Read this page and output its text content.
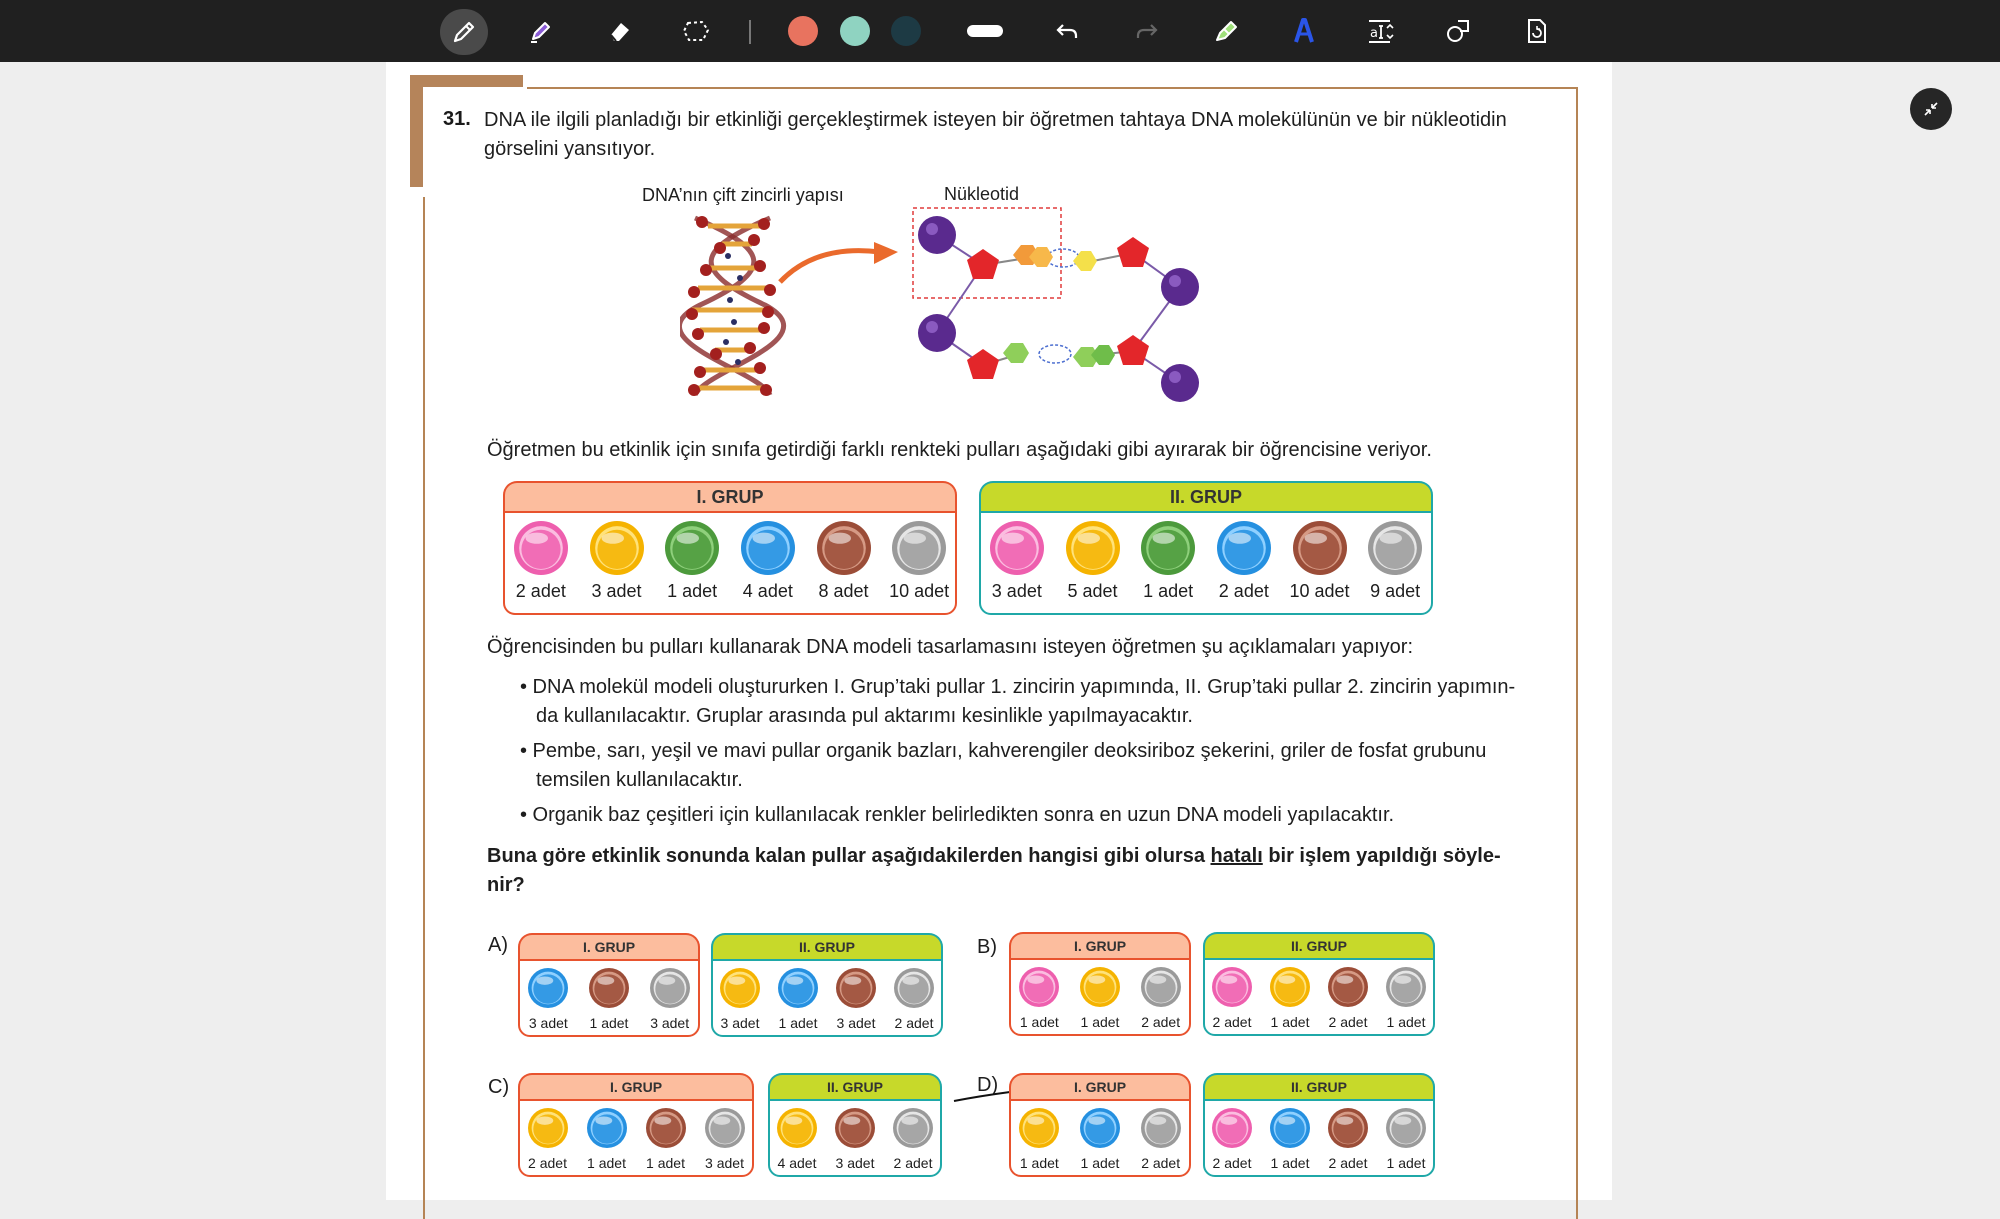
a
31. DNA ile ilgili planladığı bir etkinliği gerçekleştirmek isteyen bir öğretmen tahtaya DNA molekülünün ve bir nükleotidin
görselini yansıtıyor.
DNA’nın çift zincirli yapısı	Nükleotid
Öğretmen bu etkinlik için sınıfa getirdiği farklı renkteki pulları aşağıdaki gibi ayırarak bir öğrencisine veriyor.
I. GRUP
2 adet	3 adet	1 adet	4 adet	8 adet	10 adet
II. GRUP
3 adet	5 adet	1 adet	2 adet	10 adet	9 adet
Öğrencisinden bu pulları kullanarak DNA modeli tasarlamasını isteyen öğretmen şu açıklamaları yapıyor:
• DNA molekül modeli oluştururken I. Grup’taki pullar 1. zincirin yapımında, II. Grup’taki pullar 2. zincirin yapımın-
da kullanılacaktır. Gruplar arasında pul aktarımı kesinlikle yapılmayacaktır.
• Pembe, sarı, yeşil ve mavi pullar organik bazları, kahverengiler deoksiriboz şekerini, griler de fosfat grubunu
temsilen kullanılacaktır.
• Organik baz çeşitleri için kullanılacak renkler belirledikten sonra en uzun DNA modeli yapılacaktır.
Buna göre etkinlik sonunda kalan pullar aşağıdakilerden hangisi gibi olursa hatalı bir işlem yapıldığı söyle-
nir?
A)	B)
C)	D)
I. GRUP
3 adet	1 adet	3 adet
II. GRUP
3 adet	1 adet	3 adet	2 adet
I. GRUP
1 adet	1 adet	2 adet
II. GRUP
2 adet	1 adet	2 adet	1 adet
I. GRUP
2 adet	1 adet	1 adet	3 adet
II. GRUP
4 adet	3 adet	2 adet
I. GRUP
1 adet	1 adet	2 adet
II. GRUP
2 adet	1 adet	2 adet	1 adet
